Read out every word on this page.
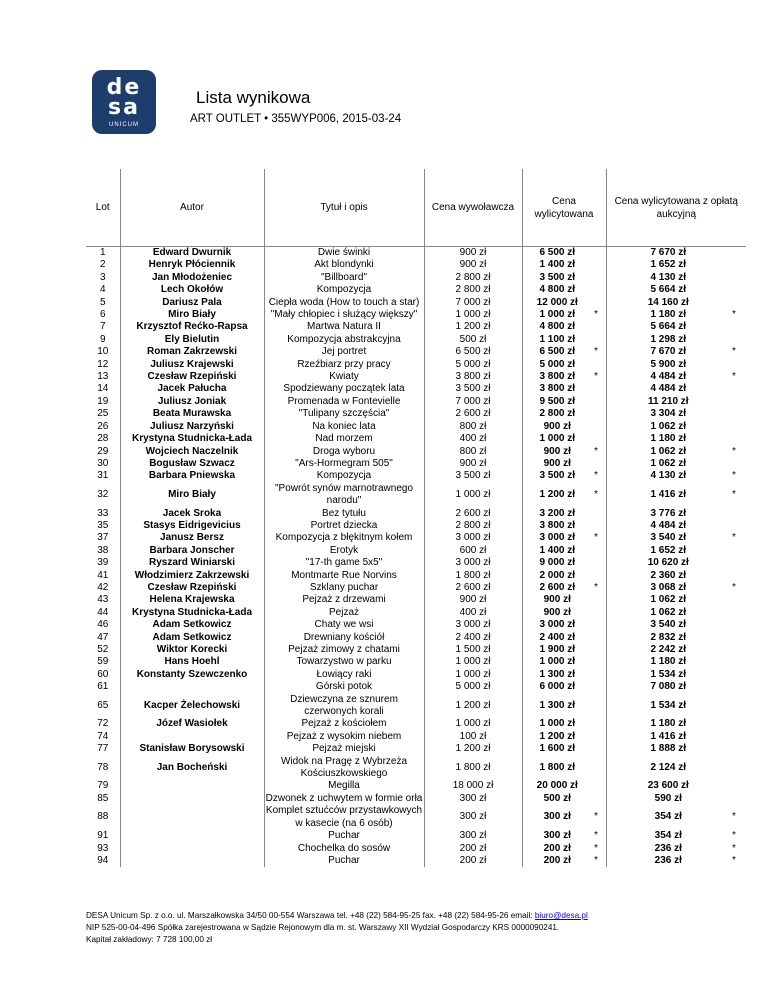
de
sa
UNICUM
Lista wynikowa
ART OUTLET • 355WYP006, 2015-03-24
Lot	Autor	Tytuł i opis	Cena wywoławcza	Cena wylicytowana		Cena wylicytowana z opłatą aukcyjną	
1	Edward Dwurnik	Dwie świnki	900 zł	6 500 zł		7 670 zł	
2	Henryk Płóciennik	Akt blondynki	900 zł	1 400 zł		1 652 zł	
3	Jan Młodożeniec	"Billboard"	2 800 zł	3 500 zł		4 130 zł	
4	Lech Okołów	Kompozycja	2 800 zł	4 800 zł		5 664 zł	
5	Dariusz Pala	Ciepła woda (How to touch a star)	7 000 zł	12 000 zł		14 160 zł	
6	Miro Biały	"Mały chłopiec i służący większy"	1 000 zł	1 000 zł	*	1 180 zł	*
7	Krzysztof Rećko-Rapsa	Martwa Natura II	1 200 zł	4 800 zł		5 664 zł	
9	Ely Bielutin	Kompozycja abstrakcyjna	500 zł	1 100 zł		1 298 zł	
10	Roman Zakrzewski	Jej portret	6 500 zł	6 500 zł	*	7 670 zł	*
12	Juliusz Krajewski	Rzeźbiarz przy pracy	5 000 zł	5 000 zł		5 900 zł	
13	Czesław Rzepiński	Kwiaty	3 800 zł	3 800 zł	*	4 484 zł	*
14	Jacek Pałucha	Spodziewany początek lata	3 500 zł	3 800 zł		4 484 zł	
19	Juliusz Joniak	Promenada w Fontevielle	7 000 zł	9 500 zł		11 210 zł	
25	Beata Murawska	"Tulipany szczęścia"	2 600 zł	2 800 zł		3 304 zł	
26	Juliusz Narzyński	Na koniec lata	800 zł	900 zł		1 062 zł	
28	Krystyna Studnicka-Łada	Nad morzem	400 zł	1 000 zł		1 180 zł	
29	Wojciech Naczelnik	Droga wyboru	800 zł	900 zł	*	1 062 zł	*
30	Bogusław Szwacz	"Ars-Hormegram 505"	900 zł	900 zł		1 062 zł	
31	Barbara Pniewska	Kompozycja	3 500 zł	3 500 zł	*	4 130 zł	*
32	Miro Biały	"Powrót synów marnotrawnego narodu"	1 000 zł	1 200 zł	*	1 416 zł	*
33	Jacek Sroka	Bez tytułu	2 600 zł	3 200 zł		3 776 zł	
35	Stasys Eidrigevicius	Portret dziecka	2 800 zł	3 800 zł		4 484 zł	
37	Janusz Bersz	Kompozycja z błękitnym kołem	3 000 zł	3 000 zł	*	3 540 zł	*
38	Barbara Jonscher	Erotyk	600 zł	1 400 zł		1 652 zł	
39	Ryszard Winiarski	"17-th game 5x5"	3 000 zł	9 000 zł		10 620 zł	
41	Włodzimierz Zakrzewski	Montmarte Rue Norvins	1 800 zł	2 000 zł		2 360 zł	
42	Czesław Rzepiński	Szklany puchar	2 600 zł	2 600 zł	*	3 068 zł	*
43	Helena Krajewska	Pejzaż z drzewami	900 zł	900 zł		1 062 zł	
44	Krystyna Studnicka-Łada	Pejzaż	400 zł	900 zł		1 062 zł	
46	Adam Setkowicz	Chaty we wsi	3 000 zł	3 000 zł		3 540 zł	
47	Adam Setkowicz	Drewniany kościół	2 400 zł	2 400 zł		2 832 zł	
52	Wiktor Korecki	Pejzaż zimowy z chatami	1 500 zł	1 900 zł		2 242 zł	
59	Hans Hoehl	Towarzystwo w parku	1 000 zł	1 000 zł		1 180 zł	
60	Konstanty Szewczenko	Łowiący raki	1 000 zł	1 300 zł		1 534 zł	
61		Górski potok	5 000 zł	6 000 zł		7 080 zł	
65	Kacper Żelechowski	Dziewczyna ze sznurem czerwonych korali	1 200 zł	1 300 zł		1 534 zł	
72	Józef Wasiołek	Pejzaż z kościołem	1 000 zł	1 000 zł		1 180 zł	
74		Pejzaż z wysokim niebem	100 zł	1 200 zł		1 416 zł	
77	Stanisław Borysowski	Pejzaż miejski	1 200 zł	1 600 zł		1 888 zł	
78	Jan Bocheński	Widok na Pragę z Wybrzeża Kościuszkowskiego	1 800 zł	1 800 zł		2 124 zł	
79		Megilla	18 000 zł	20 000 zł		23 600 zł	
85		Dzwonek z uchwytem w formie orła	300 zł	500 zł		590 zł	
88		Komplet sztućców przystawkowych w kasecie (na 6 osób)	300 zł	300 zł	*	354 zł	*
91		Puchar	300 zł	300 zł	*	354 zł	*
93		Chochelka do sosów	200 zł	200 zł	*	236 zł	*
94		Puchar	200 zł	200 zł	*	236 zł	*
DESA Unicum Sp. z o.o. ul. Marszałkowska 34/50 00-554 Warszawa tel. +48 (22) 584-95-25 fax. +48 (22) 584-95-26 email: biuro@desa.pl
NIP 525-00-04-496 Spółka zarejestrowana w Sądzie Rejonowym dla m. st. Warszawy XII Wydział Gospodarczy KRS 0000090241.
Kapitał zakładowy: 7 728 100,00 zł
